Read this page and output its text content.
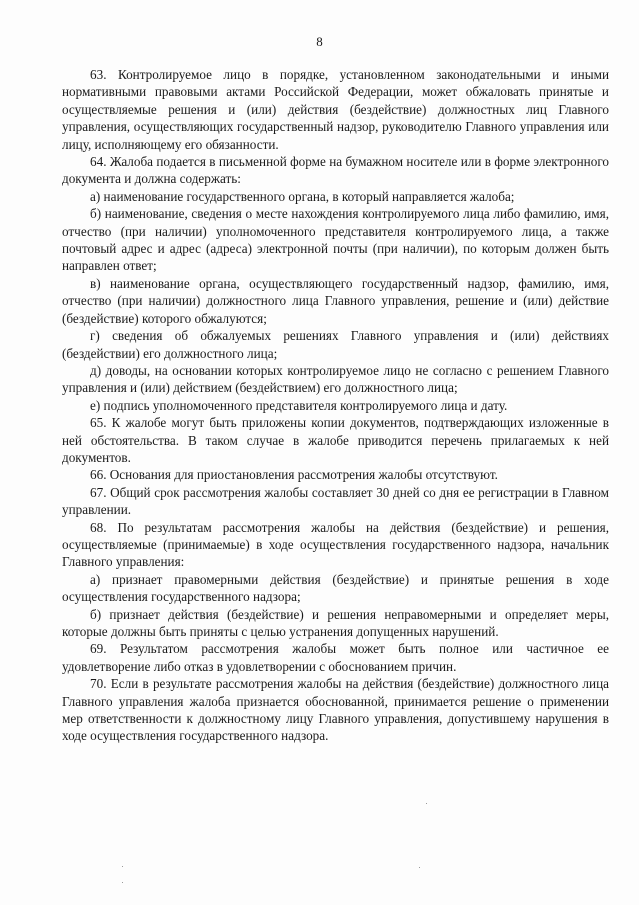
8

63. Контролируемое лицо в порядке, установленном законодательными и иными нормативными правовыми актами Российской Федерации, может обжаловать принятые и осуществляемые решения и (или) действия (бездействие) должностных лиц Главного управления, осуществляющих государственный надзор, руководителю Главного управления или лицу, исполняющему его обязанности.

64. Жалоба подается в письменной форме на бумажном носителе или в форме электронного документа и должна содержать:

а) наименование государственного органа, в который направляется жалоба;

б) наименование, сведения о месте нахождения контролируемого лица либо фамилию, имя, отчество (при наличии) уполномоченного представителя контролируемого лица, а также почтовый адрес и адрес (адреса) электронной почты (при наличии), по которым должен быть направлен ответ;

в) наименование органа, осуществляющего государственный надзор, фамилию, имя, отчество (при наличии) должностного лица Главного управления, решение и (или) действие (бездействие) которого обжалуются;

г) сведения об обжалуемых решениях Главного управления и (или) действиях (бездействии) его должностного лица;

д) доводы, на основании которых контролируемое лицо не согласно с решением Главного управления и (или) действием (бездействием) его должностного лица;

е) подпись уполномоченного представителя контролируемого лица и дату.

65. К жалобе могут быть приложены копии документов, подтверждающих изложенные в ней обстоятельства. В таком случае в жалобе приводится перечень прилагаемых к ней документов.

66. Основания для приостановления рассмотрения жалобы отсутствуют.

67. Общий срок рассмотрения жалобы составляет 30 дней со дня ее регистрации в Главном управлении.

68. По результатам рассмотрения жалобы на действия (бездействие) и решения, осуществляемые (принимаемые) в ходе осуществления государственного надзора, начальник Главного управления:

а) признает правомерными действия (бездействие) и принятые решения в ходе осуществления государственного надзора;

б) признает действия (бездействие) и решения неправомерными и определяет меры, которые должны быть приняты с целью устранения допущенных нарушений.

69. Результатом рассмотрения жалобы может быть полное или частичное ее удовлетворение либо отказ в удовлетворении с обоснованием причин.

70. Если в результате рассмотрения жалобы на действия (бездействие) должностного лица Главного управления жалоба признается обоснованной, принимается решение о применении мер ответственности к должностному лицу Главного управления, допустившему нарушения в ходе осуществления государственного надзора.
